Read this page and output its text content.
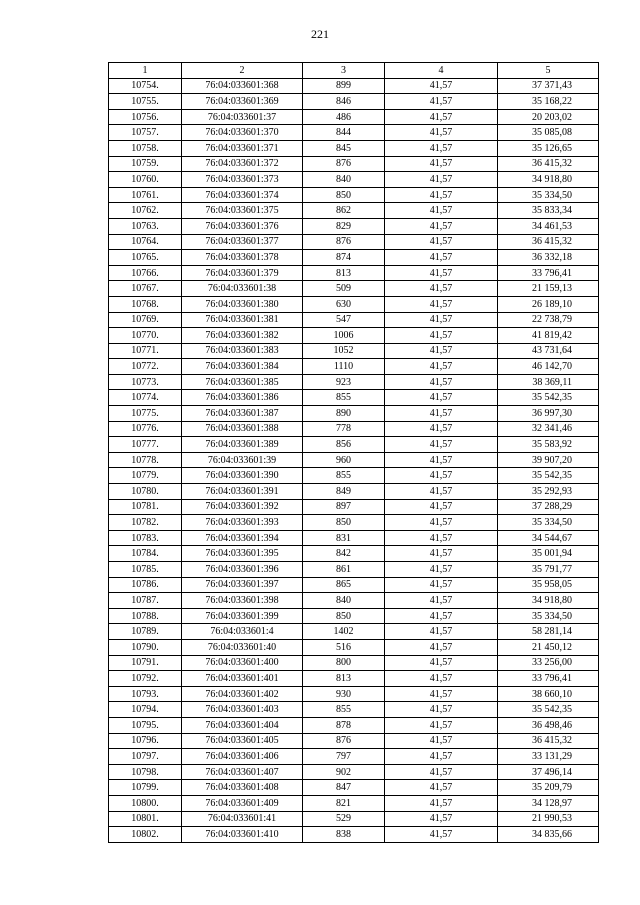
221
1	2	3	4	5
10754.	76:04:033601:368	899	41,57	37 371,43
10755.	76:04:033601:369	846	41,57	35 168,22
10756.	76:04:033601:37	486	41,57	20 203,02
10757.	76:04:033601:370	844	41,57	35 085,08
10758.	76:04:033601:371	845	41,57	35 126,65
10759.	76:04:033601:372	876	41,57	36 415,32
10760.	76:04:033601:373	840	41,57	34 918,80
10761.	76:04:033601:374	850	41,57	35 334,50
10762.	76:04:033601:375	862	41,57	35 833,34
10763.	76:04:033601:376	829	41,57	34 461,53
10764.	76:04:033601:377	876	41,57	36 415,32
10765.	76:04:033601:378	874	41,57	36 332,18
10766.	76:04:033601:379	813	41,57	33 796,41
10767.	76:04:033601:38	509	41,57	21 159,13
10768.	76:04:033601:380	630	41,57	26 189,10
10769.	76:04:033601:381	547	41,57	22 738,79
10770.	76:04:033601:382	1006	41,57	41 819,42
10771.	76:04:033601:383	1052	41,57	43 731,64
10772.	76:04:033601:384	1110	41,57	46 142,70
10773.	76:04:033601:385	923	41,57	38 369,11
10774.	76:04:033601:386	855	41,57	35 542,35
10775.	76:04:033601:387	890	41,57	36 997,30
10776.	76:04:033601:388	778	41,57	32 341,46
10777.	76:04:033601:389	856	41,57	35 583,92
10778.	76:04:033601:39	960	41,57	39 907,20
10779.	76:04:033601:390	855	41,57	35 542,35
10780.	76:04:033601:391	849	41,57	35 292,93
10781.	76:04:033601:392	897	41,57	37 288,29
10782.	76:04:033601:393	850	41,57	35 334,50
10783.	76:04:033601:394	831	41,57	34 544,67
10784.	76:04:033601:395	842	41,57	35 001,94
10785.	76:04:033601:396	861	41,57	35 791,77
10786.	76:04:033601:397	865	41,57	35 958,05
10787.	76:04:033601:398	840	41,57	34 918,80
10788.	76:04:033601:399	850	41,57	35 334,50
10789.	76:04:033601:4	1402	41,57	58 281,14
10790.	76:04:033601:40	516	41,57	21 450,12
10791.	76:04:033601:400	800	41,57	33 256,00
10792.	76:04:033601:401	813	41,57	33 796,41
10793.	76:04:033601:402	930	41,57	38 660,10
10794.	76:04:033601:403	855	41,57	35 542,35
10795.	76:04:033601:404	878	41,57	36 498,46
10796.	76:04:033601:405	876	41,57	36 415,32
10797.	76:04:033601:406	797	41,57	33 131,29
10798.	76:04:033601:407	902	41,57	37 496,14
10799.	76:04:033601:408	847	41,57	35 209,79
10800.	76:04:033601:409	821	41,57	34 128,97
10801.	76:04:033601:41	529	41,57	21 990,53
10802.	76:04:033601:410	838	41,57	34 835,66
